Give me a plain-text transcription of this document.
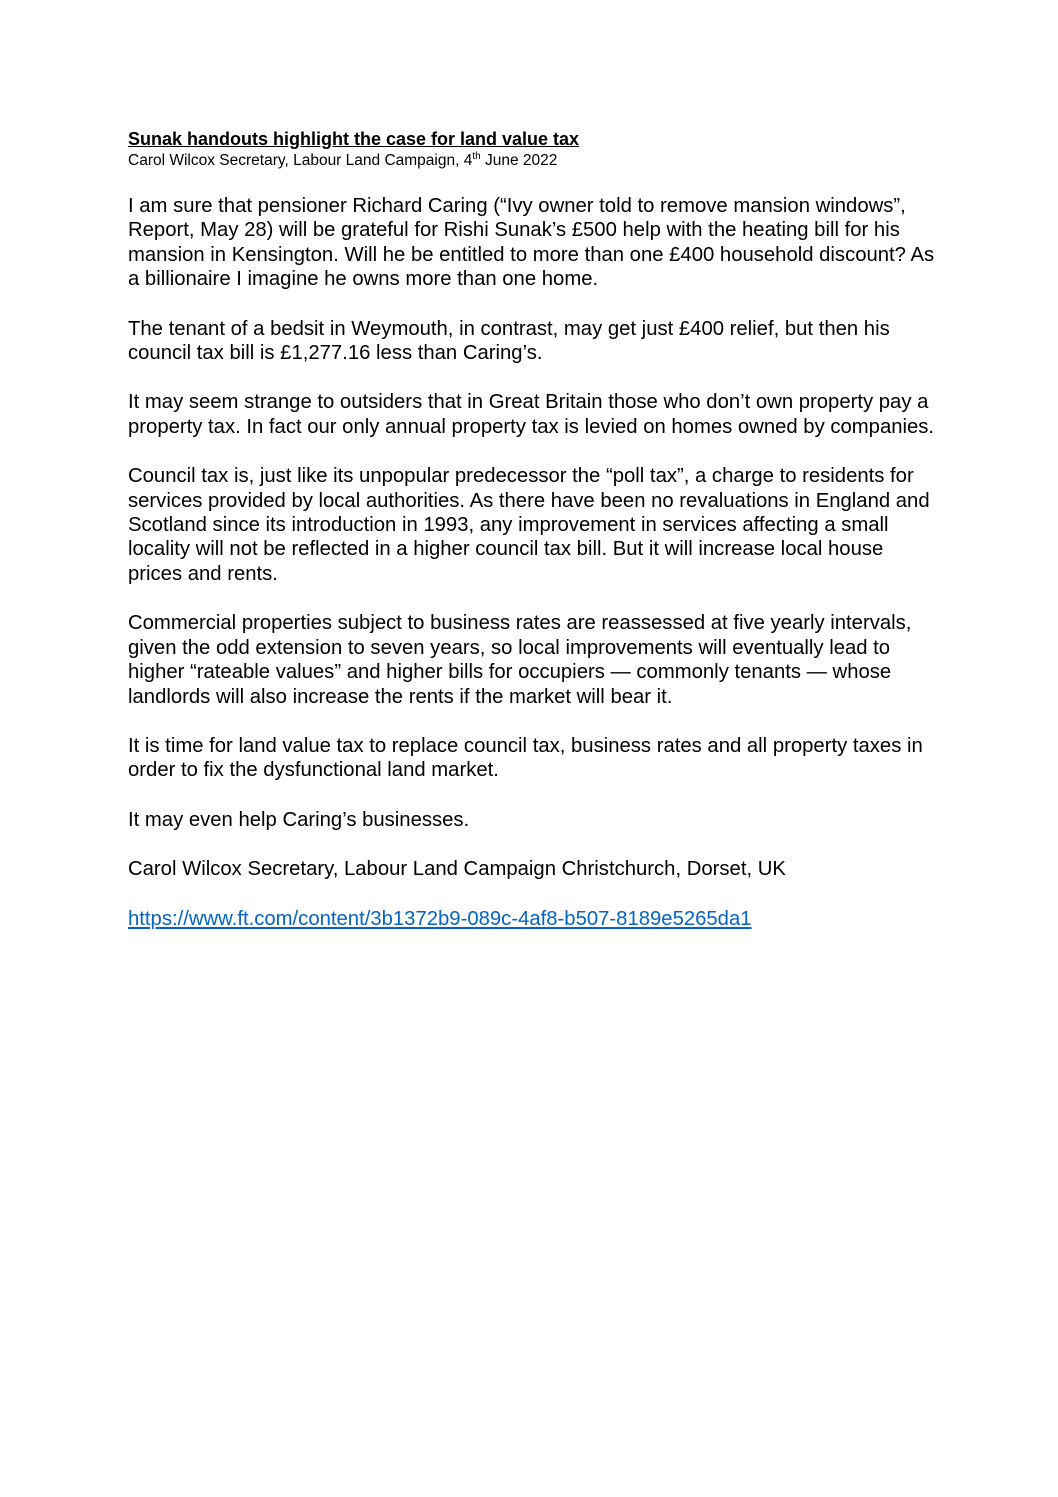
Sunak handouts highlight the case for land value tax

Carol Wilcox Secretary, Labour Land Campaign, 4th June 2022

I am sure that pensioner Richard Caring (“Ivy owner told to remove mansion windows”, Report, May 28) will be grateful for Rishi Sunak’s £500 help with the heating bill for his mansion in Kensington. Will he be entitled to more than one £400 household discount? As a billionaire I imagine he owns more than one home.

The tenant of a bedsit in Weymouth, in contrast, may get just £400 relief, but then his council tax bill is £1,277.16 less than Caring’s.

It may seem strange to outsiders that in Great Britain those who don’t own property pay a property tax. In fact our only annual property tax is levied on homes owned by companies.

Council tax is, just like its unpopular predecessor the “poll tax”, a charge to residents for services provided by local authorities. As there have been no revaluations in England and Scotland since its introduction in 1993, any improvement in services affecting a small locality will not be reflected in a higher council tax bill. But it will increase local house prices and rents.

Commercial properties subject to business rates are reassessed at five yearly intervals, given the odd extension to seven years, so local improvements will eventually lead to higher “rateable values” and higher bills for occupiers — commonly tenants — whose landlords will also increase the rents if the market will bear it.

It is time for land value tax to replace council tax, business rates and all property taxes in order to fix the dysfunctional land market.

It may even help Caring’s businesses.

Carol Wilcox Secretary, Labour Land Campaign Christchurch, Dorset, UK

https://www.ft.com/content/3b1372b9-089c-4af8-b507-8189e5265da1
